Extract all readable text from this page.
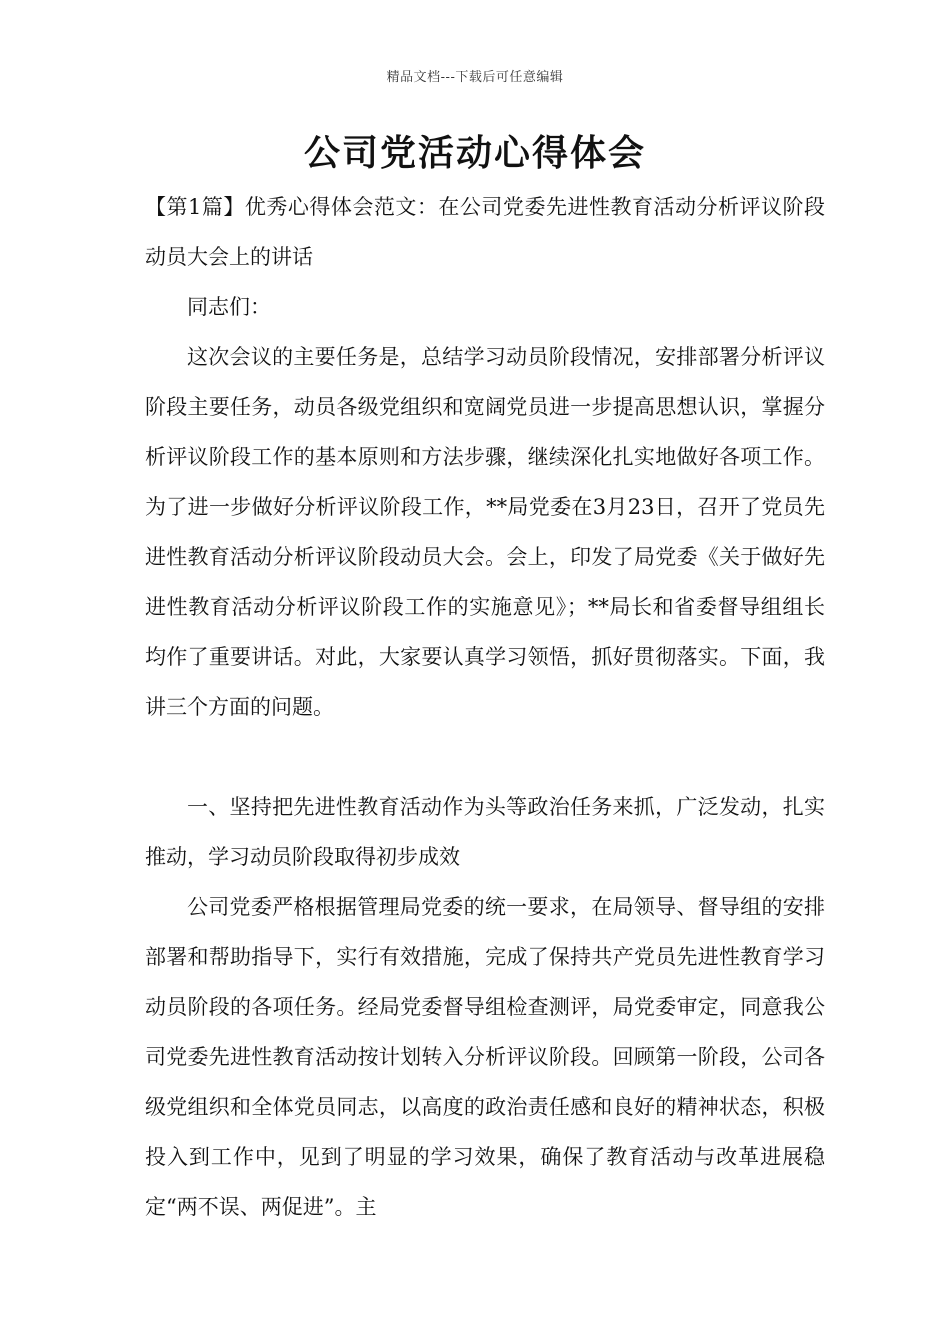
精品文档---下载后可任意编辑
公司党活动心得体会

【第1篇】优秀心得体会范文：在公司党委先进性教育活动分析评议阶段动员大会上的讲话

同志们：

这次会议的主要任务是，总结学习动员阶段情况，安排部署分析评议阶段主要任务，动员各级党组织和宽阔党员进一步提高思想认识，掌握分析评议阶段工作的基本原则和方法步骤，继续深化扎实地做好各项工作。为了进一步做好分析评议阶段工作，**局党委在3月23日，召开了党员先进性教育活动分析评议阶段动员大会。会上，印发了局党委《关于做好先进性教育活动分析评议阶段工作的实施意见》；**局长和省委督导组组长均作了重要讲话。对此，大家要认真学习领悟，抓好贯彻落实。下面，我讲三个方面的问题。

一、坚持把先进性教育活动作为头等政治任务来抓，广泛发动，扎实推动，学习动员阶段取得初步成效

公司党委严格根据管理局党委的统一要求，在局领导、督导组的安排部署和帮助指导下，实行有效措施，完成了保持共产党员先进性教育学习动员阶段的各项任务。经局党委督导组检查测评，局党委审定，同意我公司党委先进性教育活动按计划转入分析评议阶段。回顾第一阶段，公司各级党组织和全体党员同志，以高度的政治责任感和良好的精神状态，积极投入到工作中，见到了明显的学习效果，确保了教育活动与改革进展稳定“两不误、两促进”。主
